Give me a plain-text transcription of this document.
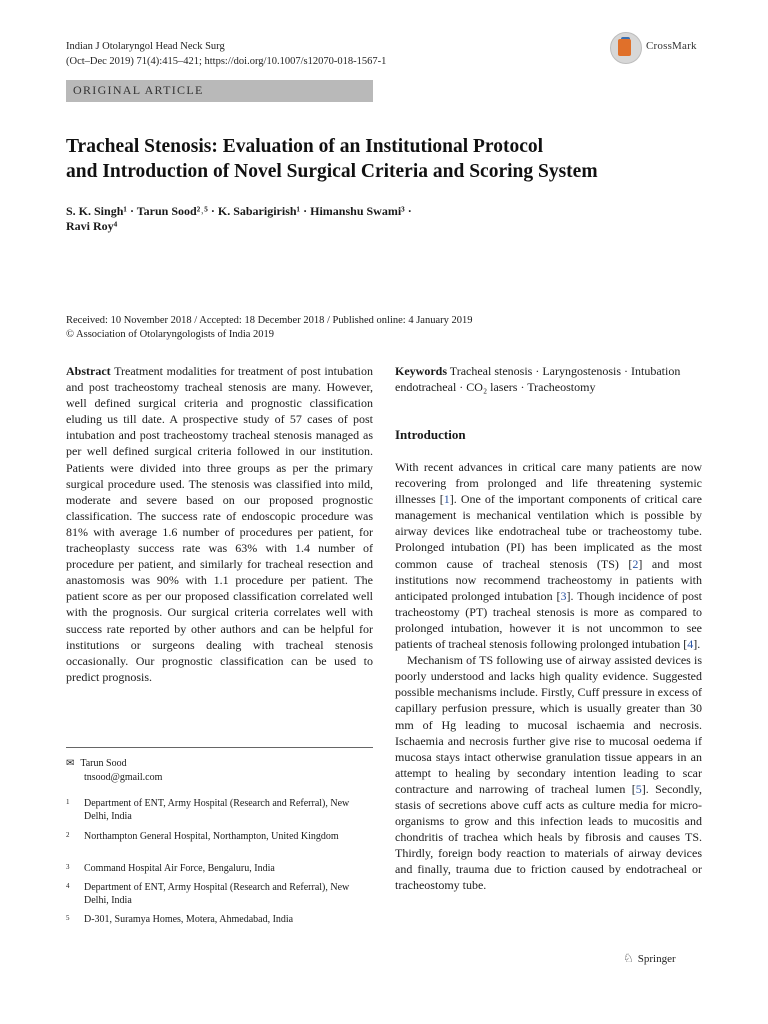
Indian J Otolaryngol Head Neck Surg
(Oct–Dec 2019) 71(4):415–421; https://doi.org/10.1007/s12070-018-1567-1
CrossMark
ORIGINAL ARTICLE
Tracheal Stenosis: Evaluation of an Institutional Protocol
and Introduction of Novel Surgical Criteria and Scoring System
S. K. Singh¹ · Tarun Sood²˒⁵ · K. Sabarigirish¹ · Himanshu Swami³ ·
Ravi Roy⁴
Received: 10 November 2018 / Accepted: 18 December 2018 / Published online: 4 January 2019
© Association of Otolaryngologists of India 2019

Abstract Treatment modalities for treatment of post intubation and post tracheostomy tracheal stenosis are many. However, well defined surgical criteria and prognostic classification eluding us till date. A prospective study of 57 cases of post intubation and post tracheostomy tracheal stenosis managed as per well defined surgical criteria followed in our institution. Patients were divided into three groups as per the primary surgical procedure used. The stenosis was classified into mild, moderate and severe based on our proposed prognostic classification. The success rate of endoscopic procedure was 81% with average 1.6 number of procedures per patient, for tracheoplasty success rate was 63% with 1.4 number of procedure per patient, and similarly for tracheal resection and anastomosis was 90% with 1.1 procedure per patient. The patient score as per our proposed classification correlated well with the prognosis. Our surgical criteria correlates well with success rate reported by other authors and can be helpful for institutions or surgeons dealing with tracheal stenosis occasionally. Our prognostic classification can be used to predict prognosis.

✉ Tarun Sood
tnsood@gmail.com
1 Department of ENT, Army Hospital (Research and Referral), New Delhi, India
2 Northampton General Hospital, Northampton, United Kingdom
3 Command Hospital Air Force, Bengaluru, India
4 Department of ENT, Army Hospital (Research and Referral), New Delhi, India
5 D-301, Suramya Homes, Motera, Ahmedabad, India

Keywords Tracheal stenosis · Laryngostenosis · Intubation endotracheal · CO₂ lasers · Tracheostomy

Introduction

With recent advances in critical care many patients are now recovering from prolonged and life threatening systemic illnesses [1]. One of the important components of critical care management is mechanical ventilation which is possible by airway devices like endotracheal tube or tracheostomy tube. Prolonged intubation (PI) has been implicated as the most common cause of tracheal stenosis (TS) [2] and most institutions now recommend tracheostomy in patients with anticipated prolonged intubation [3]. Though incidence of post tracheostomy (PT) tracheal stenosis is more as compared to prolonged intubation, however it is not uncommon to see patients of tracheal stenosis following prolonged intubation [4].

Mechanism of TS following use of airway assisted devices is poorly understood and lacks high quality evidence. Suggested possible mechanisms include. Firstly, Cuff pressure in excess of capillary perfusion pressure, which is usually greater than 30 mm of Hg leading to mucosal ischaemia and necrosis. Ischaemia and necrosis further give rise to mucosal oedema if mucosa stays intact otherwise granulation tissue appears in an attempt to healing by secondary intention leading to scar contracture and narrowing of tracheal lumen [5]. Secondly, stasis of secretions above cuff acts as culture media for micro-organisms to grow and this infection leads to mucositis and chondritis of trachea which heals by fibrosis and causes TS. Thirdly, foreign body reaction to materials of airway devices and finally, trauma due to friction caused by endotracheal or tracheostomy tube.

♘ Springer
